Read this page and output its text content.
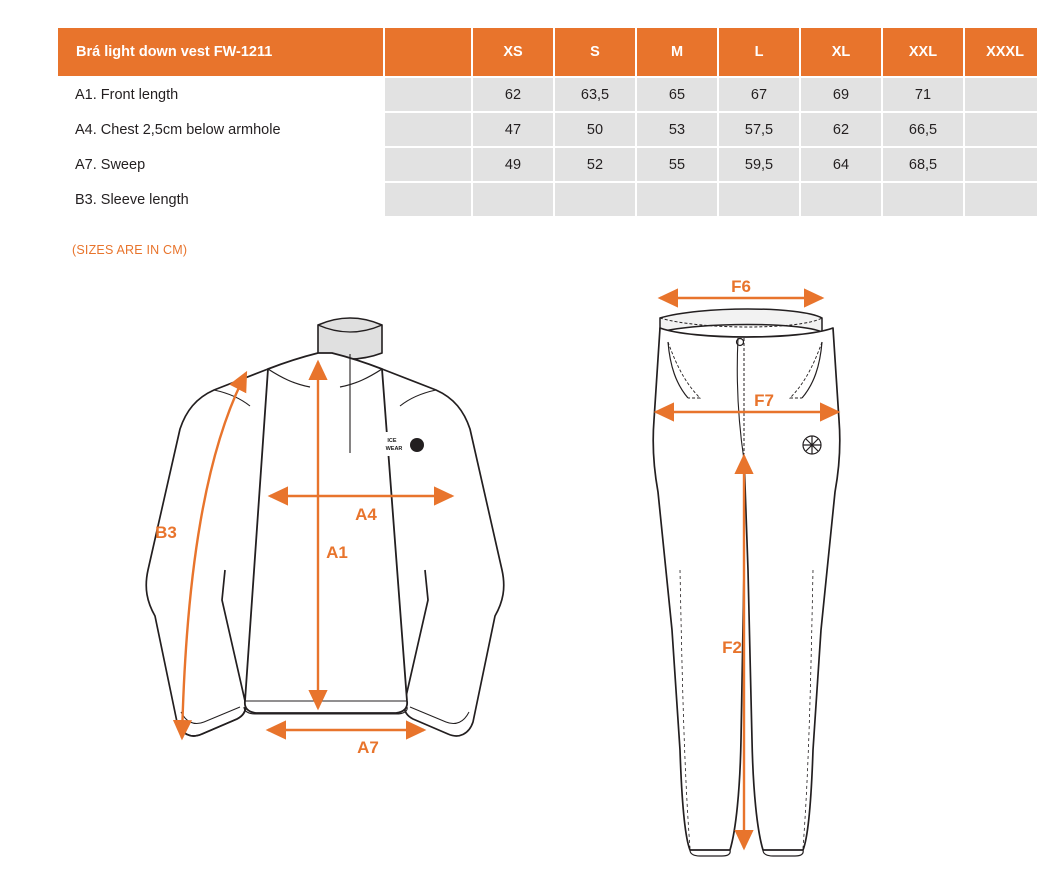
Brá light down vest FW-1211		XS	S	M	L	XL	XXL	XXXL
A1. Front length		62	63,5	65	67	69	71	
A4. Chest 2,5cm below armhole		47	50	53	57,5	62	66,5	
A7. Sweep		49	52	55	59,5	64	68,5	
B3. Sleeve length								
(SIZES ARE IN CM)
ICE
WEAR
B3
A4
A1
A7
F6
F7
F2
